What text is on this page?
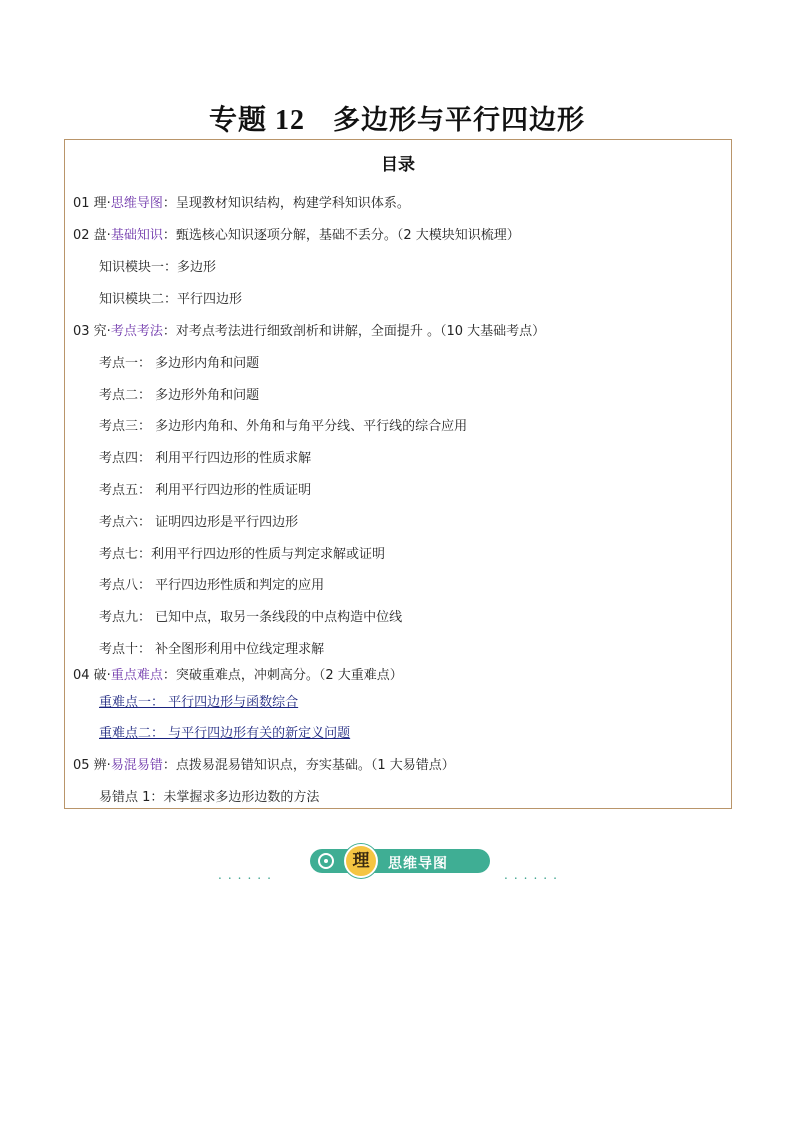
专题 12 多边形与平行四边形
目录
01 理·思维导图：呈现教材知识结构，构建学科知识体系。
02 盘·基础知识：甄选核心知识逐项分解，基础不丢分。（2 大模块知识梳理）
知识模块一：多边形
知识模块二：平行四边形
03 究·考点考法：对考点考法进行细致剖析和讲解，全面提升 。（10 大基础考点）
考点一： 多边形内角和问题
考点二： 多边形外角和问题
考点三： 多边形内角和、外角和与角平分线、平行线的综合应用
考点四： 利用平行四边形的性质求解
考点五： 利用平行四边形的性质证明
考点六： 证明四边形是平行四边形
考点七：利用平行四边形的性质与判定求解或证明
考点八： 平行四边形性质和判定的应用
考点九： 已知中点，取另一条线段的中点构造中位线
考点十： 补全图形利用中位线定理求解
04 破·重点难点：突破重难点，冲刺高分。（2 大重难点）
重难点一： 平行四边形与函数综合
重难点二： 与平行四边形有关的新定义问题
05 辨·易混易错：点拨易混易错知识点，夯实基础。（1 大易错点）
易错点 1：未掌握求多边形边数的方法
......
理	思维导图
......
